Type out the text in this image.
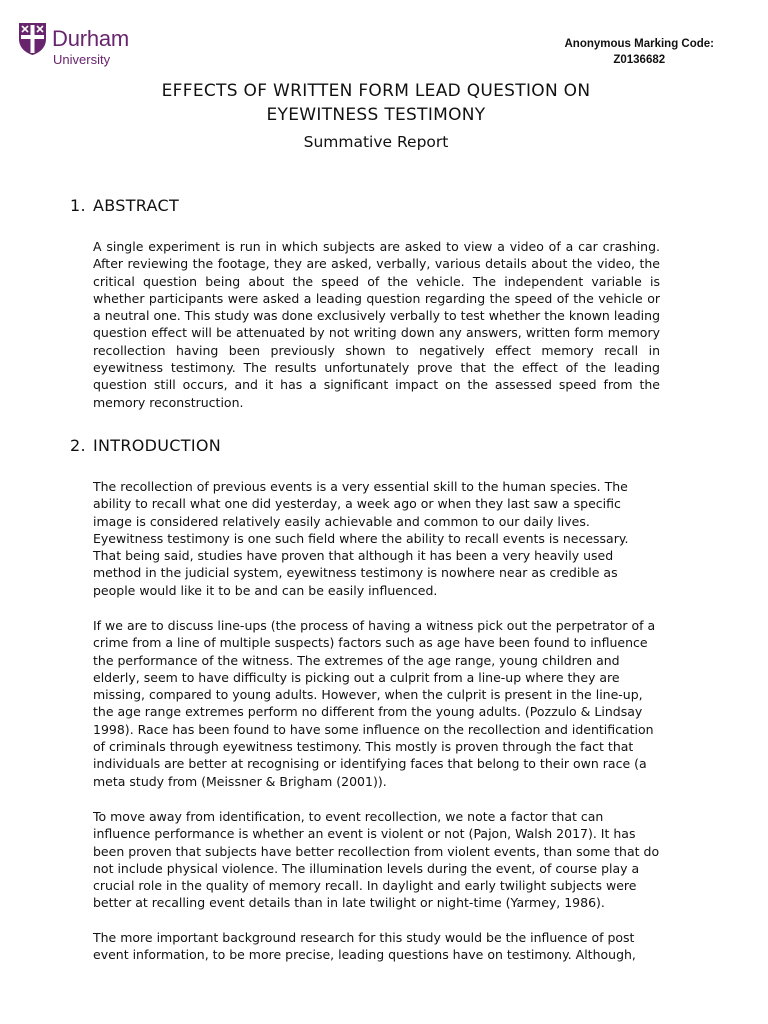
Durham
University
Anonymous Marking Code:
Z0136682
EFFECTS OF WRITTEN FORM LEAD QUESTION ON
EYEWITNESS TESTIMONY
Summative Report
1. ABSTRACT

A single experiment is run in which subjects are asked to view a video of a car crashing. After reviewing the footage, they are asked, verbally, various details about the video, the critical question being about the speed of the vehicle. The independent variable is whether participants were asked a leading question regarding the speed of the vehicle or a neutral one. This study was done exclusively verbally to test whether the known leading question effect will be attenuated by not writing down any answers, written form memory recollection having been previously shown to negatively effect memory recall in eyewitness testimony. The results unfortunately prove that the effect of the leading question still occurs, and it has a significant impact on the assessed speed from the memory reconstruction.

2. INTRODUCTION

The recollection of previous events is a very essential skill to the human species. The ability to recall what one did yesterday, a week ago or when they last saw a specific image is considered relatively easily achievable and common to our daily lives. Eyewitness testimony is one such field where the ability to recall events is necessary. That being said, studies have proven that although it has been a very heavily used method in the judicial system, eyewitness testimony is nowhere near as credible as people would like it to be and can be easily influenced.

If we are to discuss line-ups (the process of having a witness pick out the perpetrator of a crime from a line of multiple suspects) factors such as age have been found to influence the performance of the witness. The extremes of the age range, young children and elderly, seem to have difficulty is picking out a culprit from a line-up where they are missing, compared to young adults. However, when the culprit is present in the line-up, the age range extremes perform no different from the young adults. (Pozzulo & Lindsay 1998). Race has been found to have some influence on the recollection and identification of criminals through eyewitness testimony. This mostly is proven through the fact that individuals are better at recognising or identifying faces that belong to their own race (a meta study from (Meissner & Brigham (2001)).

To move away from identification, to event recollection, we note a factor that can influence performance is whether an event is violent or not (Pajon, Walsh 2017). It has been proven that subjects have better recollection from violent events, than some that do not include physical violence. The illumination levels during the event, of course play a crucial role in the quality of memory recall. In daylight and early twilight subjects were better at recalling event details than in late twilight or night-time (Yarmey, 1986).

The more important background research for this study would be the influence of post event information, to be more precise, leading questions have on testimony. Although,
